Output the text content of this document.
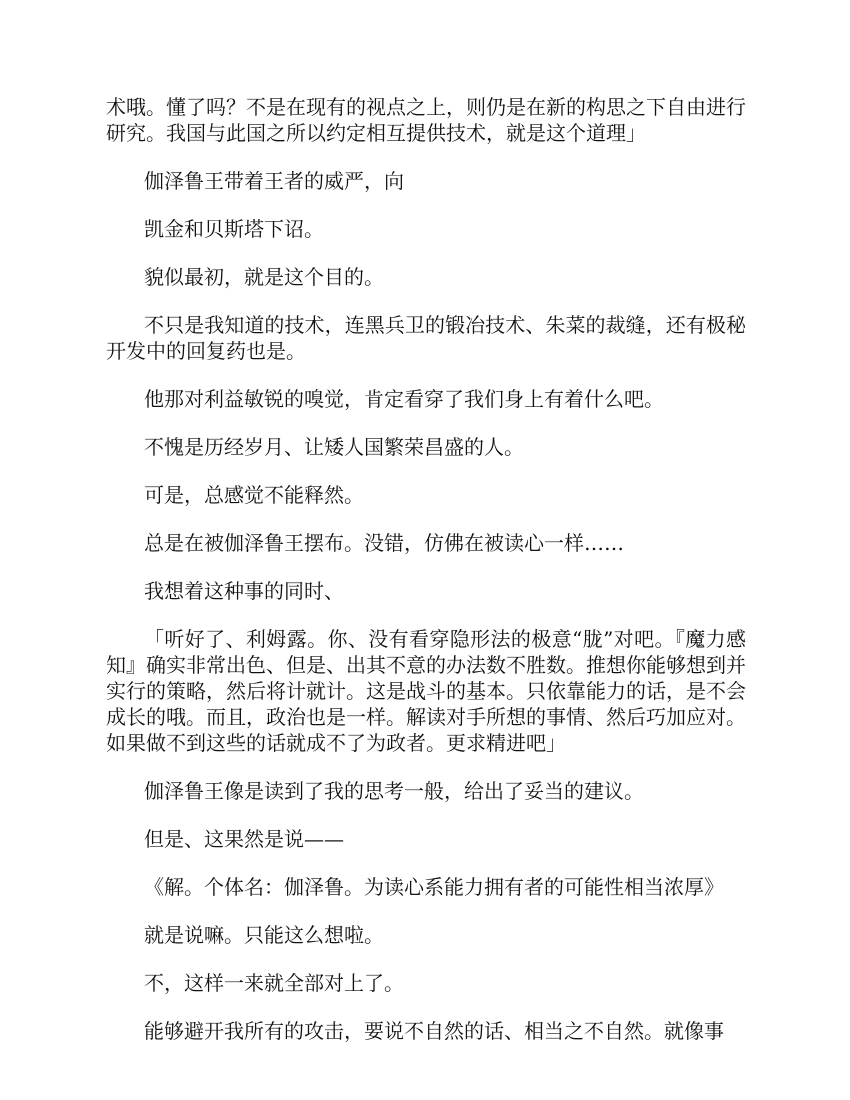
术哦。懂了吗？不是在现有的视点之上，则仍是在新的构思之下自由进行研究。我国与此国之所以约定相互提供技术，就是这个道理」

伽泽鲁王带着王者的威严，向

凯金和贝斯塔下诏。

貌似最初，就是这个目的。

不只是我知道的技术，连黑兵卫的锻冶技术、朱菜的裁缝，还有极秘开发中的回复药也是。

他那对利益敏锐的嗅觉，肯定看穿了我们身上有着什么吧。

不愧是历经岁月、让矮人国繁荣昌盛的人。

可是，总感觉不能释然。

总是在被伽泽鲁王摆布。没错，仿佛在被读心一样……

我想着这种事的同时、

「听好了、利姆露。你、没有看穿隐形法的极意“胧”对吧。『魔力感知』确实非常出色、但是、出其不意的办法数不胜数。推想你能够想到并实行的策略，然后将计就计。这是战斗的基本。只依靠能力的话，是不会成长的哦。而且，政治也是一样。解读对手所想的事情、然后巧加应对。如果做不到这些的话就成不了为政者。更求精进吧」

伽泽鲁王像是读到了我的思考一般，给出了妥当的建议。

但是、这果然是说——

《解。个体名：伽泽鲁。为读心系能力拥有者的可能性相当浓厚》

就是说嘛。只能这么想啦。

不，这样一来就全部对上了。

能够避开我所有的攻击，要说不自然的话、相当之不自然。就像事
